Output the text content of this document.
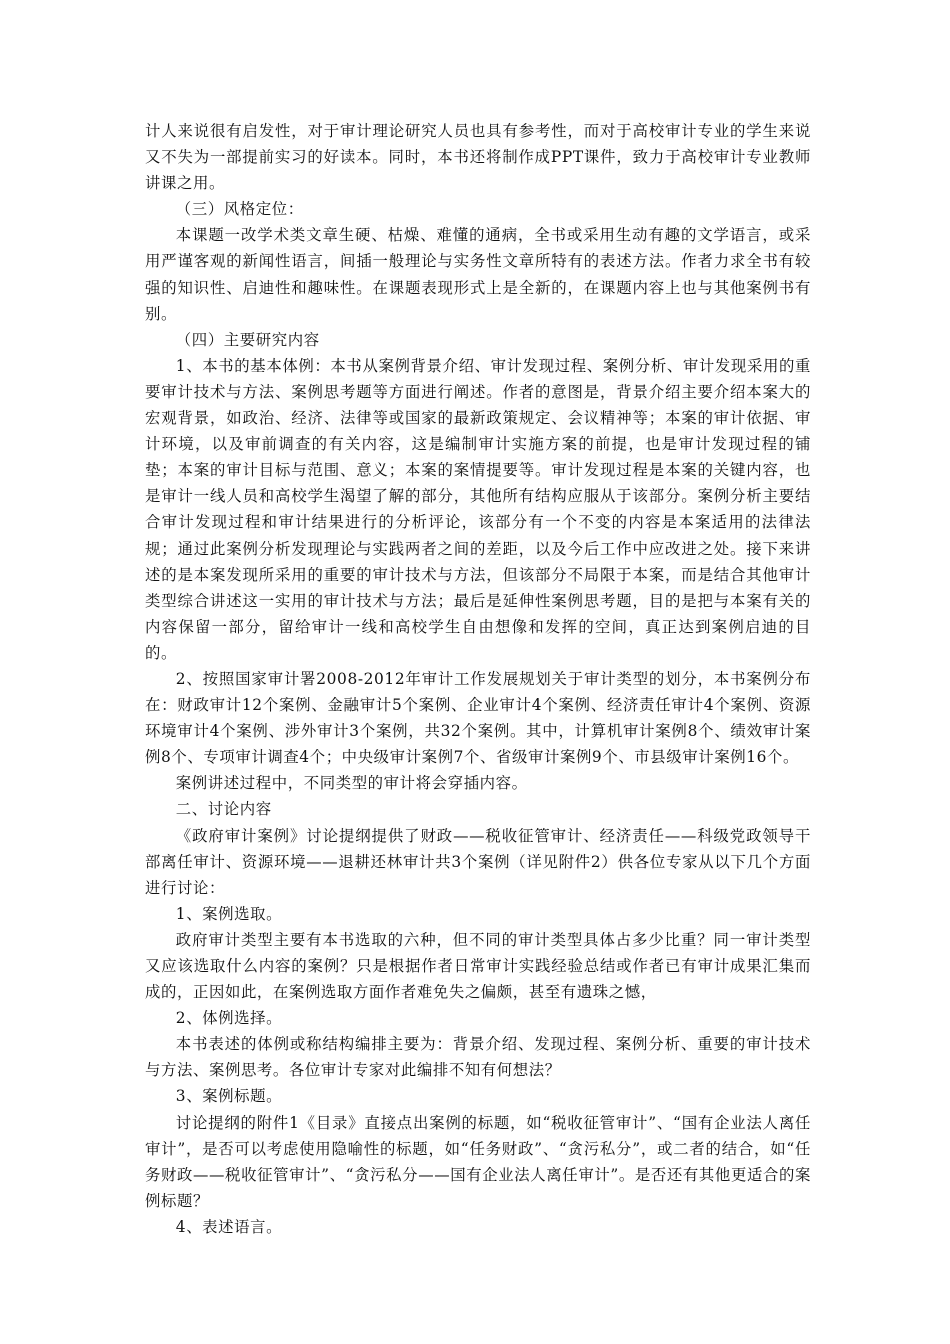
计人来说很有启发性，对于审计理论研究人员也具有参考性，而对于高校审计专业的学生来说又不失为一部提前实习的好读本。同时，本书还将制作成PPT课件，致力于高校审计专业教师讲课之用。

（三）风格定位：

本课题一改学术类文章生硬、枯燥、难懂的通病，全书或采用生动有趣的文学语言，或采用严谨客观的新闻性语言，间插一般理论与实务性文章所特有的表述方法。作者力求全书有较强的知识性、启迪性和趣味性。在课题表现形式上是全新的，在课题内容上也与其他案例书有别。

（四）主要研究内容

1、本书的基本体例：本书从案例背景介绍、审计发现过程、案例分析、审计发现采用的重要审计技术与方法、案例思考题等方面进行阐述。作者的意图是，背景介绍主要介绍本案大的宏观背景，如政治、经济、法律等或国家的最新政策规定、会议精神等；本案的审计依据、审计环境，以及审前调查的有关内容，这是编制审计实施方案的前提，也是审计发现过程的铺垫；本案的审计目标与范围、意义；本案的案情提要等。审计发现过程是本案的关键内容，也是审计一线人员和高校学生渴望了解的部分，其他所有结构应服从于该部分。案例分析主要结合审计发现过程和审计结果进行的分析评论，该部分有一个不变的内容是本案适用的法律法规；通过此案例分析发现理论与实践两者之间的差距，以及今后工作中应改进之处。接下来讲述的是本案发现所采用的重要的审计技术与方法，但该部分不局限于本案，而是结合其他审计类型综合讲述这一实用的审计技术与方法；最后是延伸性案例思考题，目的是把与本案有关的内容保留一部分，留给审计一线和高校学生自由想像和发挥的空间，真正达到案例启迪的目的。

2、按照国家审计署2008-2012年审计工作发展规划关于审计类型的划分，本书案例分布在：财政审计12个案例、金融审计5个案例、企业审计4个案例、经济责任审计4个案例、资源环境审计4个案例、涉外审计3个案例，共32个案例。其中，计算机审计案例8个、绩效审计案例8个、专项审计调查4个；中央级审计案例7个、省级审计案例9个、市县级审计案例16个。

案例讲述过程中，不同类型的审计将会穿插内容。

二、讨论内容

《政府审计案例》讨论提纲提供了财政——税收征管审计、经济责任——科级党政领导干部离任审计、资源环境——退耕还林审计共3个案例（详见附件2）供各位专家从以下几个方面进行讨论：

1、案例选取。

政府审计类型主要有本书选取的六种，但不同的审计类型具体占多少比重？同一审计类型又应该选取什么内容的案例？只是根据作者日常审计实践经验总结或作者已有审计成果汇集而成的，正因如此，在案例选取方面作者难免失之偏颇，甚至有遗珠之憾，

2、体例选择。

本书表述的体例或称结构编排主要为：背景介绍、发现过程、案例分析、重要的审计技术与方法、案例思考。各位审计专家对此编排不知有何想法？

3、案例标题。

讨论提纲的附件1《目录》直接点出案例的标题，如“税收征管审计”、“国有企业法人离任审计”，是否可以考虑使用隐喻性的标题，如“任务财政”、“贪污私分”，或二者的结合，如“任务财政——税收征管审计”、“贪污私分——国有企业法人离任审计”。是否还有其他更适合的案例标题？

4、表述语言。
